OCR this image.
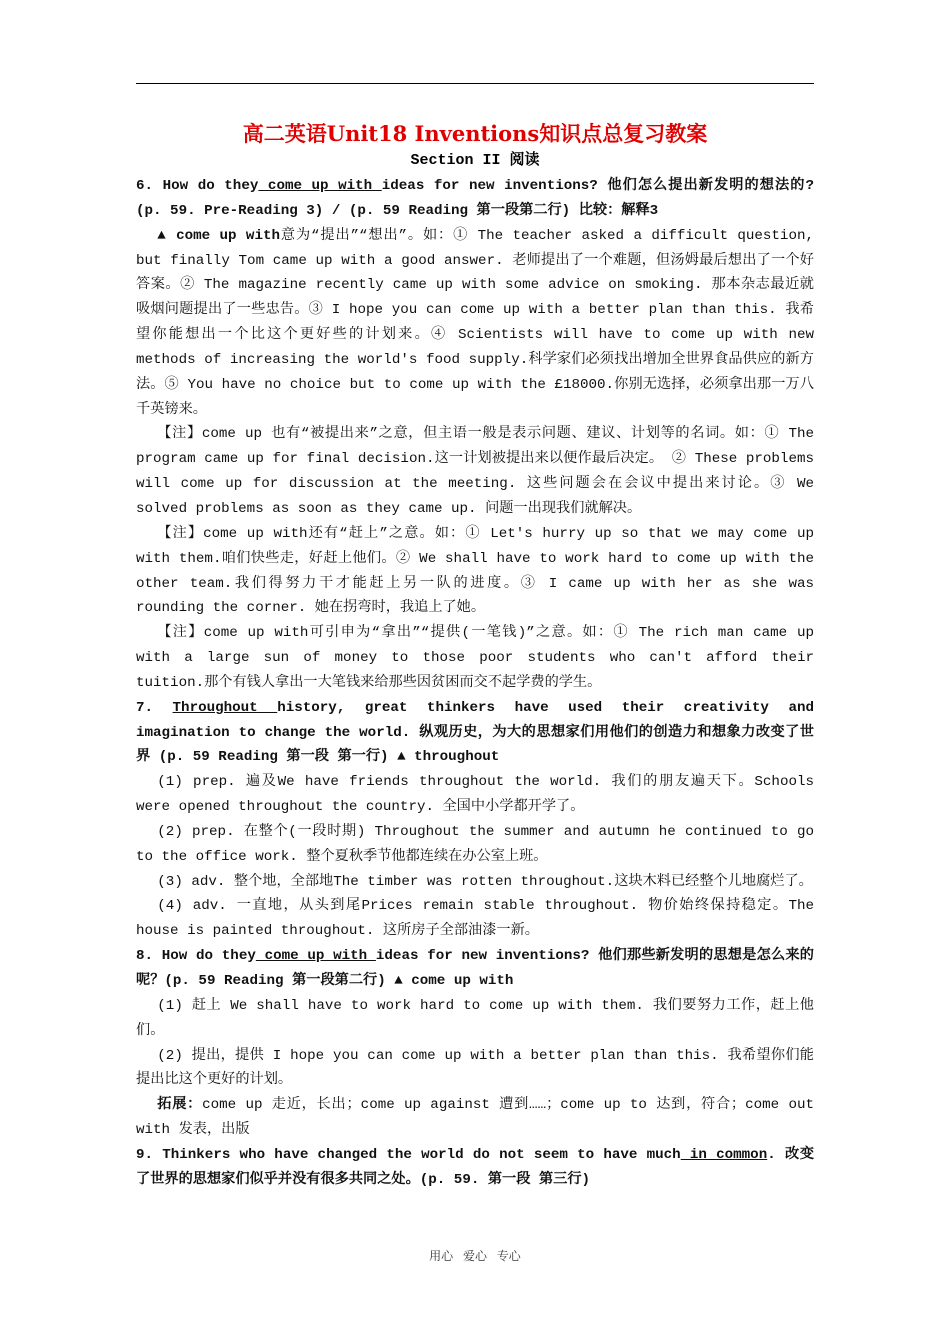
高二英语Unit18 Inventions知识点总复习教案
Section II 阅读

6. How do they come up with ideas for new inventions? 他们怎么提出新发明的想法的? (p. 59. Pre-Reading 3) / (p. 59 Reading 第一段第二行) 比较：解释3

▲ come up with意为“提出”“想出”。如：① The teacher asked a difficult question, but finally Tom came up with a good answer. 老师提出了一个难题，但汤姆最后想出了一个好答案。② The magazine recently came up with some advice on smoking. 那本杂志最近就吸烟问题提出了一些忠告。③ I hope you can come up with a better plan than this. 我希望你能想出一个比这个更好些的计划来。④ Scientists will have to come up with new methods of increasing the world's food supply.科学家们必须找出增加全世界食品供应的新方法。⑤ You have no choice but to come up with the £18000.你别无选择，必须拿出那一万八千英镑来。

【注】come up 也有“被提出来”之意，但主语一般是表示问题、建议、计划等的名词。如：① The program came up for final decision.这一计划被提出来以便作最后决定。 ② These problems will come up for discussion at the meeting. 这些问题会在会议中提出来讨论。③ We solved problems as soon as they came up. 问题一出现我们就解决。

【注】come up with还有“赶上”之意。如：① Let's hurry up so that we may come up with them.咱们快些走，好赶上他们。② We shall have to work hard to come up with the other team.我们得努力干才能赶上另一队的进度。③ I came up with her as she was rounding the corner. 她在拐弯时，我追上了她。

【注】come up with可引申为“拿出”“提供(一笔钱)”之意。如：① The rich man came up with a large sun of money to those poor students who can't afford their tuition.那个有钱人拿出一大笔钱来给那些因贫困而交不起学费的学生。

7. Throughout history, great thinkers have used their creativity and imagination to change the world. 纵观历史，为大的思想家们用他们的创造力和想象力改变了世界 (p. 59 Reading 第一段 第一行) ▲ throughout

(1) prep. 遍及We have friends throughout the world. 我们的朋友遍天下。Schools were opened throughout the country. 全国中小学都开学了。

(2) prep. 在整个(一段时期) Throughout the summer and autumn he continued to go to the office work. 整个夏秋季节他都连续在办公室上班。

(3) adv. 整个地，全部地The timber was rotten throughout.这块木料已经整个儿地腐烂了。

(4) adv. 一直地，从头到尾Prices remain stable throughout. 物价始终保持稳定。The house is painted throughout. 这所房子全部油漆一新。

8. How do they come up with ideas for new inventions? 他们那些新发明的思想是怎么来的呢？(p. 59 Reading 第一段第二行) ▲ come up with

(1) 赶上 We shall have to work hard to come up with them. 我们要努力工作，赶上他们。

(2) 提出，提供 I hope you can come up with a better plan than this. 我希望你们能提出比这个更好的计划。

拓展：come up 走近，长出；come up against 遭到……；come up to 达到，符合；come out with 发表，出版

9. Thinkers who have changed the world do not seem to have much in common. 改变了世界的思想家们似乎并没有很多共同之处。(p. 59. 第一段 第三行)

用心 爱心 专心
